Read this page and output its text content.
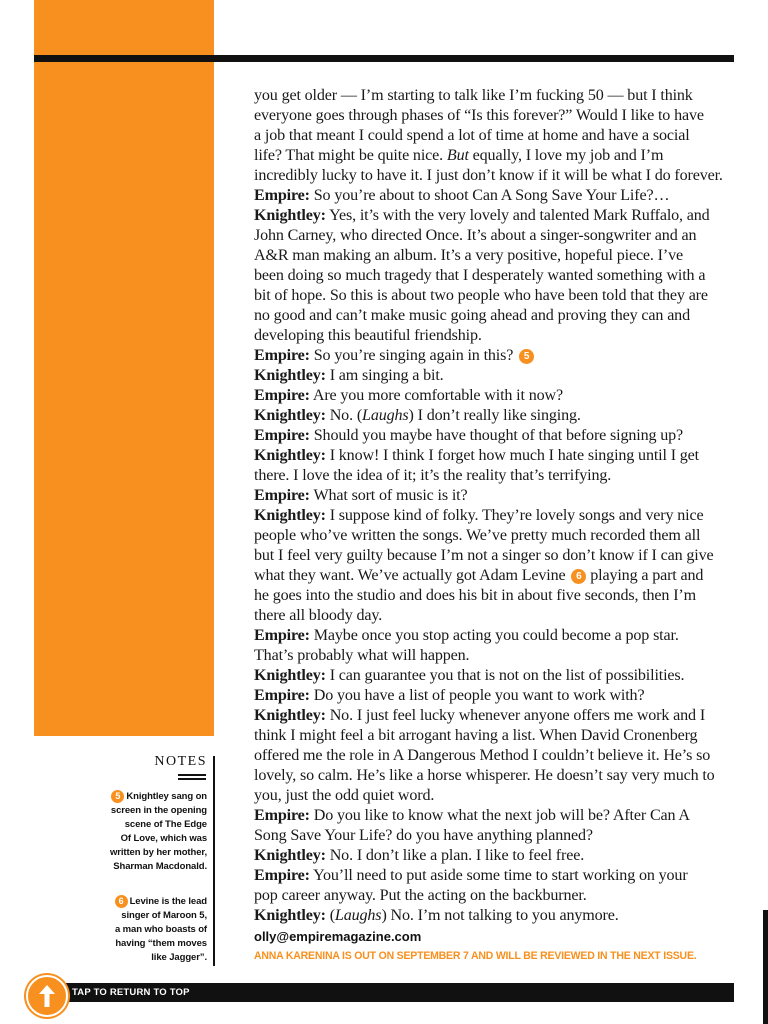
you get older — I’m starting to talk like I’m fucking 50 — but I think
everyone goes through phases of “Is this forever?” Would I like to have
a job that meant I could spend a lot of time at home and have a social
life? That might be quite nice. But equally, I love my job and I’m
incredibly lucky to have it. I just don’t know if it will be what I do forever.
Empire: So you’re about to shoot Can A Song Save Your Life?…
Knightley: Yes, it’s with the very lovely and talented Mark Ruffalo, and
John Carney, who directed Once. It’s about a singer-songwriter and an
A&R man making an album. It’s a very positive, hopeful piece. I’ve
been doing so much tragedy that I desperately wanted something with a
bit of hope. So this is about two people who have been told that they are
no good and can’t make music going ahead and proving they can and
developing this beautiful friendship.
Empire: So you’re singing again in this? 5
Knightley: I am singing a bit.
Empire: Are you more comfortable with it now?
Knightley: No. (Laughs) I don’t really like singing.
Empire: Should you maybe have thought of that before signing up?
Knightley: I know! I think I forget how much I hate singing until I get
there. I love the idea of it; it’s the reality that’s terrifying.
Empire: What sort of music is it?
Knightley: I suppose kind of folky. They’re lovely songs and very nice
people who’ve written the songs. We’ve pretty much recorded them all
but I feel very guilty because I’m not a singer so don’t know if I can give
what they want. We’ve actually got Adam Levine 6 playing a part and
he goes into the studio and does his bit in about five seconds, then I’m
there all bloody day.
Empire: Maybe once you stop acting you could become a pop star.
That’s probably what will happen.
Knightley: I can guarantee you that is not on the list of possibilities.
Empire: Do you have a list of people you want to work with?
Knightley: No. I just feel lucky whenever anyone offers me work and I
think I might feel a bit arrogant having a list. When David Cronenberg
offered me the role in A Dangerous Method I couldn’t believe it. He’s so
lovely, so calm. He’s like a horse whisperer. He doesn’t say very much to
you, just the odd quiet word.
Empire: Do you like to know what the next job will be? After Can A
Song Save Your Life? do you have anything planned?
Knightley: No. I don’t like a plan. I like to feel free.
Empire: You’ll need to put aside some time to start working on your
pop career anyway. Put the acting on the backburner.
Knightley: (Laughs) No. I’m not talking to you anymore.
olly@empiremagazine.com
ANNA KARENINA IS OUT ON SEPTEMBER 7 AND WILL BE REVIEWED IN THE NEXT ISSUE.
NOTES
5 Knightley sang on
screen in the opening
scene of The Edge
Of Love, which was
written by her mother,
Sharman Macdonald.
6 Levine is the lead
singer of Maroon 5,
a man who boasts of
having “them moves
like Jagger”.
TAP TO RETURN TO TOP
